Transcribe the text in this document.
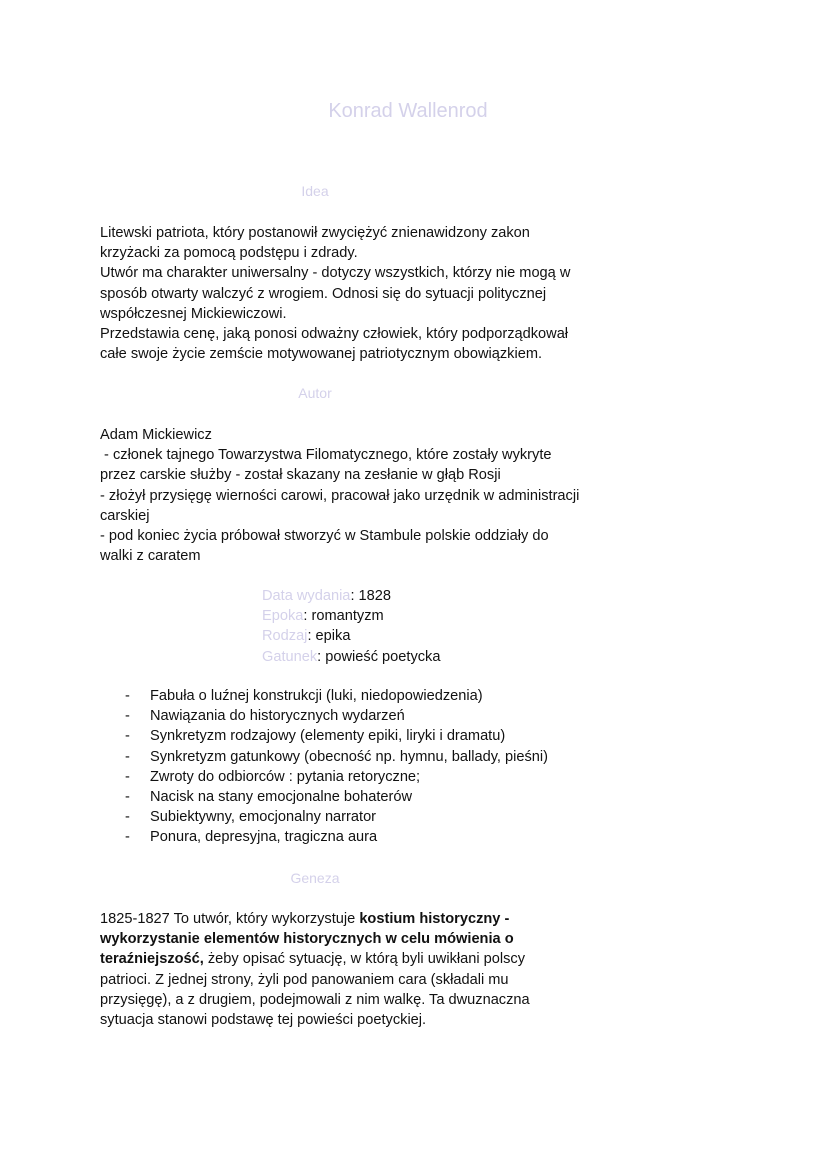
Konrad Wallenrod
Idea

Litewski patriota, który postanowił zwyciężyć znienawidzony zakon
krzyżacki za pomocą podstępu i zdrady.
Utwór ma charakter uniwersalny - dotyczy wszystkich, którzy nie mogą w
sposób otwarty walczyć z wrogiem. Odnosi się do sytuacji politycznej
współczesnej Mickiewiczowi.
Przedstawia cenę, jaką ponosi odważny człowiek, który podporządkował
całe swoje życie zemście motywowanej patriotycznym obowiązkiem.

Autor

Adam Mickiewicz
- członek tajnego Towarzystwa Filomatycznego, które zostały wykryte
przez carskie służby - został skazany na zesłanie w głąb Rosji
- złożył przysięgę wierności carowi, pracował jako urzędnik w administracji
carskiej
- pod koniec życia próbował stworzyć w Stambule polskie oddziały do
walki z caratem

Data wydania: 1828
Epoka: romantyzm
Rodzaj: epika
Gatunek: powieść poetycka
- Fabuła o luźnej konstrukcji (luki, niedopowiedzenia)
- Nawiązania do historycznych wydarzeń
- Synkretyzm rodzajowy (elementy epiki, liryki i dramatu)
- Synkretyzm gatunkowy (obecność np. hymnu, ballady, pieśni)
- Zwroty do odbiorców : pytania retoryczne;
- Nacisk na stany emocjonalne bohaterów
- Subiektywny, emocjonalny narrator
- Ponura, depresyjna, tragiczna aura
Geneza

1825-1827 To utwór, który wykorzystuje kostium historyczny -
wykorzystanie elementów historycznych w celu mówienia o
teraźniejszość, żeby opisać sytuację, w którą byli uwikłani polscy
patrioci. Z jednej strony, żyli pod panowaniem cara (składali mu
przysięgę), a z drugiem, podejmowali z nim walkę. Ta dwuznaczna
sytuacja stanowi podstawę tej powieści poetyckiej.
